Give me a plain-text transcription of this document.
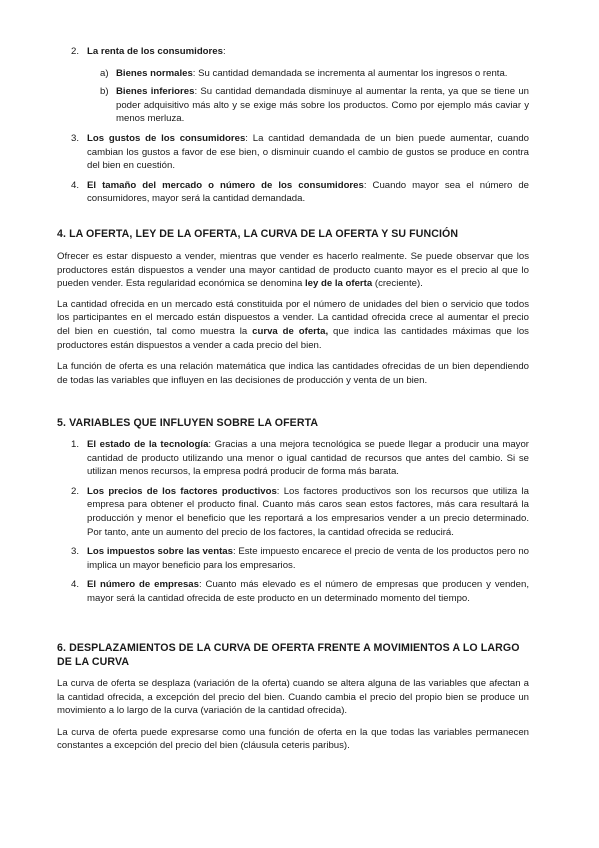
2. La renta de los consumidores:

a) Bienes normales: Su cantidad demandada se incrementa al aumentar los ingresos o renta.

b) Bienes inferiores: Su cantidad demandada disminuye al aumentar la renta, ya que se tiene un poder adquisitivo más alto y se exige más sobre los productos. Como por ejemplo más caviar y menos merluza.

3. Los gustos de los consumidores: La cantidad demandada de un bien puede aumentar, cuando cambian los gustos a favor de ese bien, o disminuir cuando el cambio de gustos se produce en contra del bien en cuestión.

4. El tamaño del mercado o número de los consumidores: Cuando mayor sea el número de consumidores, mayor será la cantidad demandada.

4. LA OFERTA, LEY DE LA OFERTA, LA CURVA DE LA OFERTA Y SU FUNCIÓN

Ofrecer es estar dispuesto a vender, mientras que vender es hacerlo realmente. Se puede observar que los productores están dispuestos a vender una mayor cantidad de producto cuanto mayor es el precio al que lo pueden vender. Esta regularidad económica se denomina ley de la oferta (creciente).

La cantidad ofrecida en un mercado está constituida por el número de unidades del bien o servicio que todos los participantes en el mercado están dispuestos a vender. La cantidad ofrecida crece al aumentar el precio del bien en cuestión, tal como muestra la curva de oferta, que indica las cantidades máximas que los productores están dispuestos a vender a cada precio del bien.

La función de oferta es una relación matemática que indica las cantidades ofrecidas de un bien dependiendo de todas las variables que influyen en las decisiones de producción y venta de un bien.

5. VARIABLES QUE INFLUYEN SOBRE LA OFERTA
1. El estado de la tecnología: Gracias a una mejora tecnológica se puede llegar a producir una mayor cantidad de producto utilizando una menor o igual cantidad de recursos que antes del cambio. Si se utilizan menos recursos, la empresa podrá producir de forma más barata.

2. Los precios de los factores productivos: Los factores productivos son los recursos que utiliza la empresa para obtener el producto final. Cuanto más caros sean estos factores, más cara resultará la producción y menor el beneficio que les reportará a los empresarios vender a un precio determinado. Por tanto, ante un aumento del precio de los factores, la cantidad ofrecida se reducirá.

3. Los impuestos sobre las ventas: Este impuesto encarece el precio de venta de los productos pero no implica un mayor beneficio para los empresarios.

4. El número de empresas: Cuanto más elevado es el número de empresas que producen y venden, mayor será la cantidad ofrecida de este producto en un determinado momento del tiempo.

6. DESPLAZAMIENTOS DE LA CURVA DE OFERTA FRENTE A MOVIMIENTOS A LO LARGO DE LA CURVA

La curva de oferta se desplaza (variación de la oferta) cuando se altera alguna de las variables que afectan a la cantidad ofrecida, a excepción del precio del bien. Cuando cambia el precio del propio bien se produce un movimiento a lo largo de la curva (variación de la cantidad ofrecida).

La curva de oferta puede expresarse como una función de oferta en la que todas las variables permanecen constantes a excepción del precio del bien (cláusula ceteris paribus).
